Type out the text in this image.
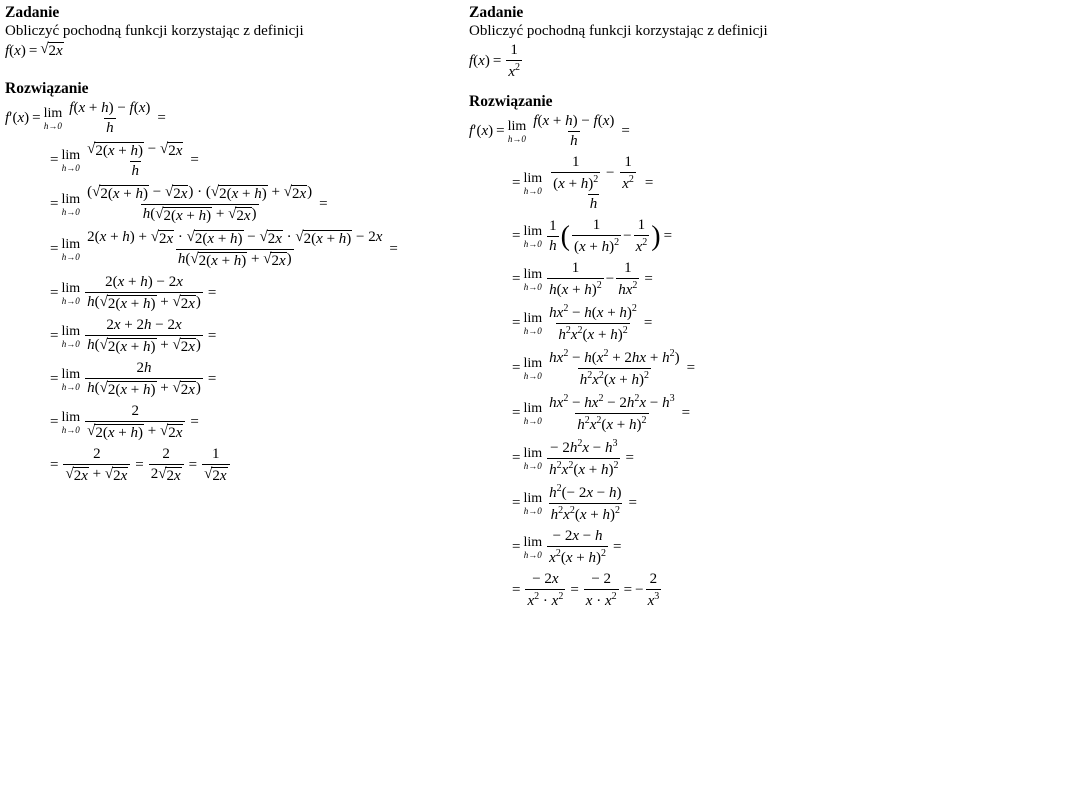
Zadanie
Obliczyć pochodną funkcji korzystając z definicji
f(x) = √ 2x
Rozwiązanie
f′(x) = lim
$h\to 0 \frac{f(x + h) - f(x)}{h}$ =
= lim
$h\to 0 \frac{√ 2(x + h) - √ 2x}{h}$ =
= lim
$h\to 0 \frac{( √ 2(x + h) - √ 2x ) \cdot ( √ 2(x + h) + √ 2x )}{h( √ 2(x + h) + √ 2x )}$ =
= lim
$h\to 0 \frac{2(x + h) + √ 2x \cdot √ 2(x + h) - √ 2x \cdot √ 2(x + h) - 2x}{h( √ 2(x + h) + √ 2x )}$ =
= lim
$h\to 0 \frac{2(x + h) - 2x}{h( √ 2(x + h) + √ 2x )}$ =
= lim
$h\to 0 \frac{2x + 2h - 2x}{h( √ 2(x + h) + √ 2x )}$ =
= lim
$h\to 0 \frac{2h}{h( √ 2(x + h) + √ 2x )}$ =
= lim
$h\to 0 \frac{2}{√ 2(x + h) + √ 2x}$ =
= $\frac{2}{√ 2x + √ 2x} = \frac{2}{2 √ 2x} = \frac{1}{√ 2x}$
Zadanie
Obliczyć pochodną funkcji korzystając z definicji
$f(x) = \frac{1}{x^2}$
Rozwiązanie
f′(x) = lim
$h\to 0 \frac{f(x + h) - f(x)}{h}$ =
= lim
$h\to 0 \frac{\frac{1}{(x + h)^2} - \frac{1}{x^2}}{h}$ =
= lim
$h\to 0 \frac{1}{h}$ ( $\frac{1}{(x + h)^2} - \frac{1}{x^2}$ ) =
= lim
$h\to 0 \frac{1}{h(x + h)^2} - \frac{1}{hx^2}$ =
= lim
$h\to 0 \frac{hx^2 - h(x + h)^2}{h^2x^2(x + h)^2}$ =
= lim
$h\to 0 \frac{hx^2 - h(x^2 + 2hx + h^2)}{h^2x^2(x + h)^2}$ =
= lim
$h\to 0 \frac{hx^2 - hx^2 - 2h^2x - h^3}{h^2x^2(x + h)^2}$ =
= lim
$h\to 0 \frac{- 2h^2x - h^3}{h^2x^2(x + h)^2}$ =
= lim
$h\to 0 \frac{h^2(- 2x - h)}{h^2x^2(x + h)^2}$ =
= lim
$h\to 0 \frac{- 2x - h}{x^2(x + h)^2}$ =
= $\frac{- 2x}{x^2 \cdot x^2} = \frac{- 2}{x \cdot x^2}$ = − $\frac{2}{x^3}$
